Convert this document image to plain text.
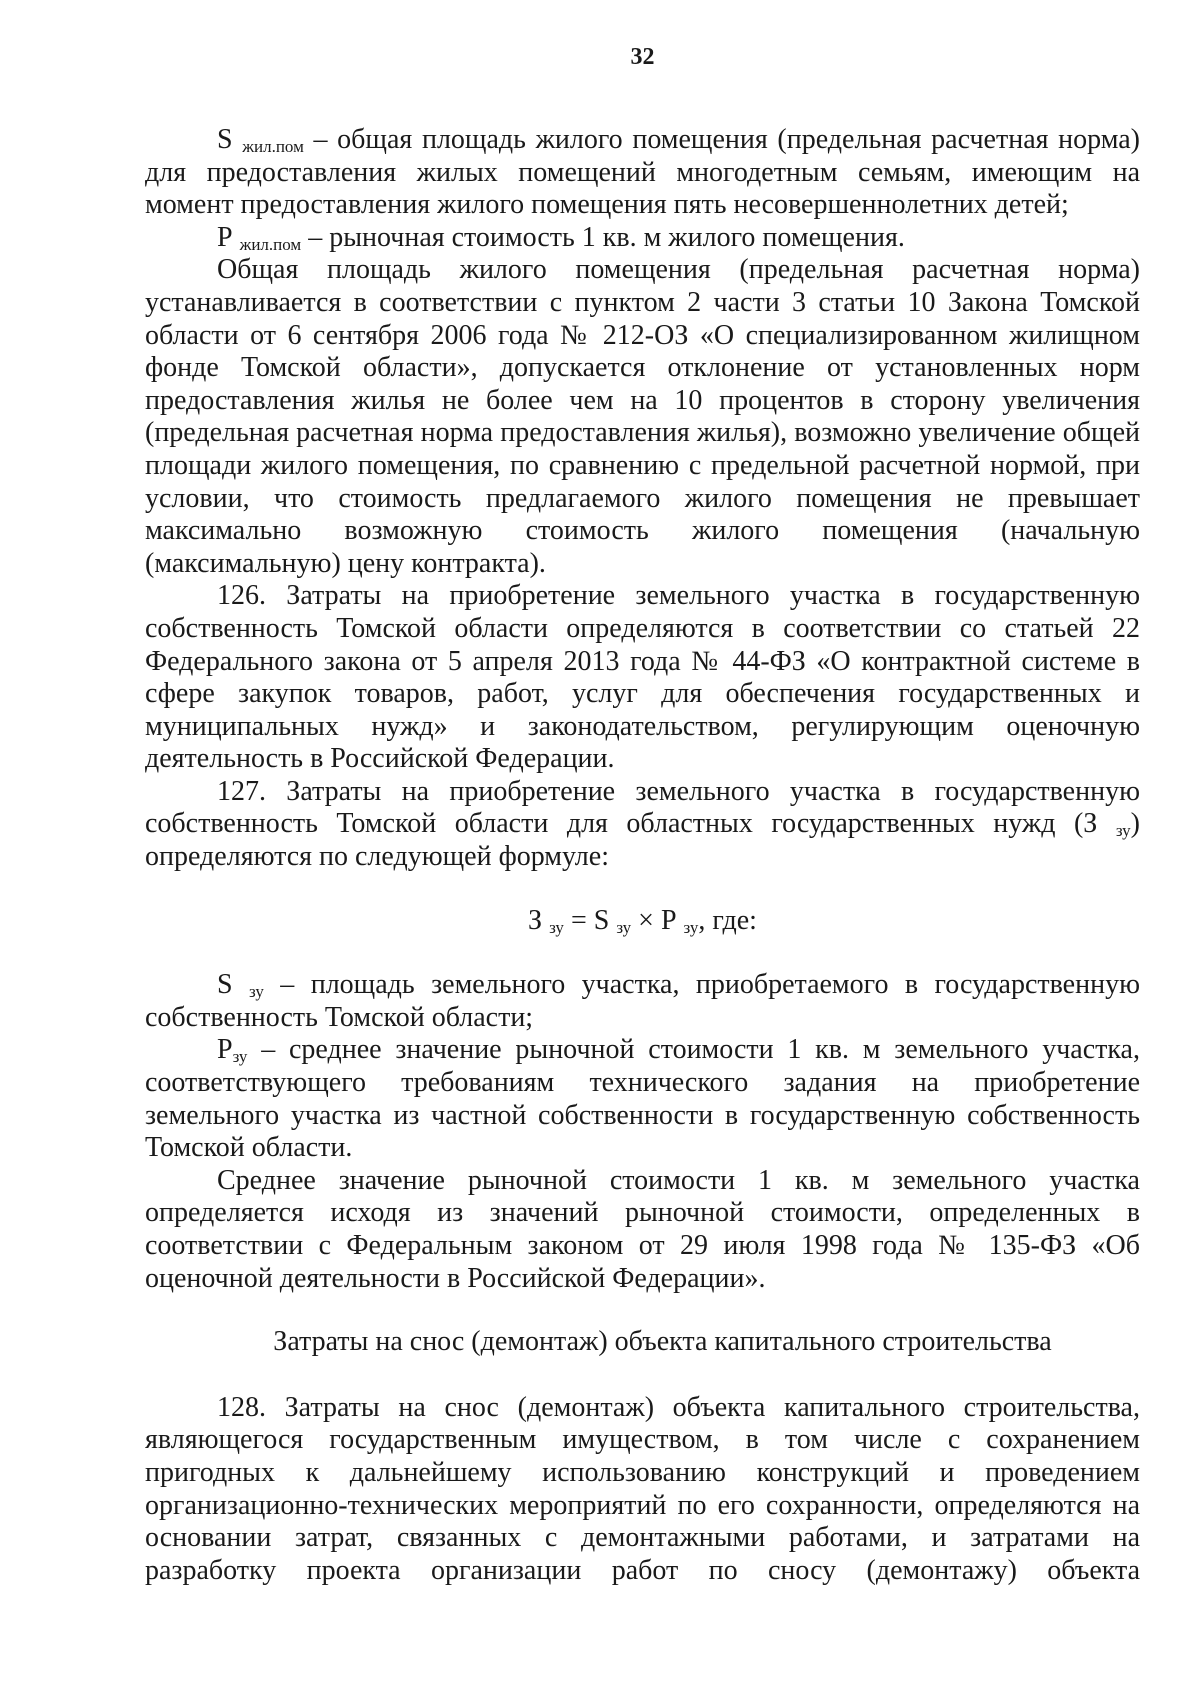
32

S $_{жил.пом}$ – общая площадь жилого помещения (предельная расчетная норма) для предоставления жилых помещений многодетным семьям, имеющим на момент предоставления жилого помещения пять несовершеннолетних детей;

Р $_{жил.пом}$ – рыночная стоимость 1 кв. м жилого помещения.

Общая площадь жилого помещения (предельная расчетная норма) устанавливается в соответствии с пунктом 2 части 3 статьи 10 Закона Томской области от 6 сентября 2006 года № 212-ОЗ «О специализированном жилищном фонде Томской области», допускается отклонение от установленных норм предоставления жилья не более чем на 10 процентов в сторону увеличения (предельная расчетная норма предоставления жилья), возможно увеличение общей площади жилого помещения, по сравнению с предельной расчетной нормой, при условии, что стоимость предлагаемого жилого помещения не превышает максимально возможную стоимость жилого помещения (начальную (максимальную) цену контракта).

126. Затраты на приобретение земельного участка в государственную собственность Томской области определяются в соответствии со статьей 22 Федерального закона от 5 апреля 2013 года № 44-ФЗ «О контрактной системе в сфере закупок товаров, работ, услуг для обеспечения государственных и муниципальных нужд» и законодательством, регулирующим оценочную деятельность в Российской Федерации.

127. Затраты на приобретение земельного участка в государственную собственность Томской области для областных государственных нужд (З $_{зу}$) определяются по следующей формуле:

З $_{зу}$ = S $_{зу}$ × Р $_{зу}$, где:

S $_{зу}$ – площадь земельного участка, приобретаемого в государственную собственность Томской области;

$Р_{зу}$ – среднее значение рыночной стоимости 1 кв. м земельного участка, соответствующего требованиям технического задания на приобретение земельного участка из частной собственности в государственную собственность Томской области.

Среднее значение рыночной стоимости 1 кв. м земельного участка определяется исходя из значений рыночной стоимости, определенных в соответствии с Федеральным законом от 29 июля 1998 года № 135-ФЗ «Об оценочной деятельности в Российской Федерации».

Затраты на снос (демонтаж) объекта капитального строительства

128. Затраты на снос (демонтаж) объекта капитального строительства, являющегося государственным имуществом, в том числе с сохранением пригодных к дальнейшему использованию конструкций и проведением организационно-технических мероприятий по его сохранности, определяются на основании затрат, связанных с демонтажными работами, и затратами на разработку проекта организации работ по сносу (демонтажу) объекта
